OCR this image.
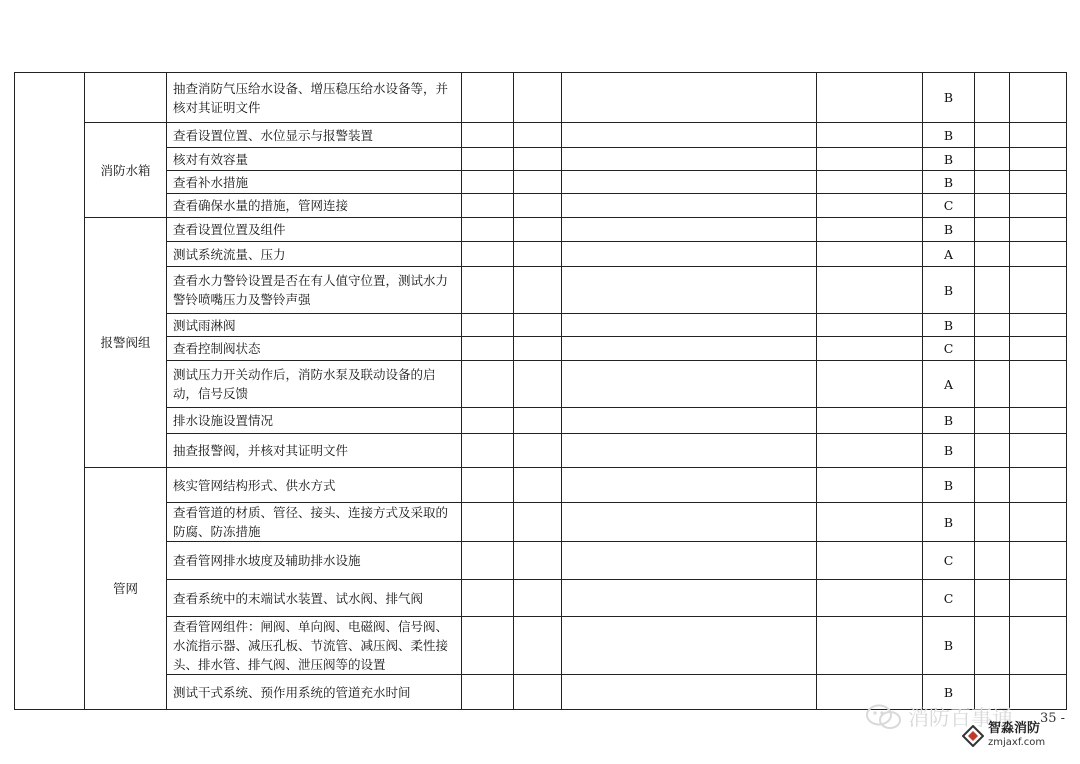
		抽查消防气压给水设备、增压稳压给水设备等，并核对其证明文件					B		
	消防水箱	查看设置位置、水位显示与报警装置					B		
		核对有效容量					B		
		查看补水措施					B		
		查看确保水量的措施，管网连接					C		
	报警阀组	查看设置位置及组件					B		
		测试系统流量、压力					A		
		查看水力警铃设置是否在有人值守位置，测试水力警铃喷嘴压力及警铃声强					B		
		测试雨淋阀					B		
		查看控制阀状态					C		
		测试压力开关动作后，消防水泵及联动设备的启动，信号反馈					A		
		排水设施设置情况					B		
		抽查报警阀，并核对其证明文件					B		
	管网	核实管网结构形式、供水方式					B		
		查看管道的材质、管径、接头、连接方式及采取的防腐、防冻措施					B		
		查看管网排水坡度及辅助排水设施					C		
		查看系统中的末端试水装置、试水阀、排气阀					C		
		查看管网组件：闸阀、单向阀、电磁阀、信号阀、水流指示器、减压孔板、节流管、减压阀、柔性接头、排水管、排气阀、泄压阀等的设置					B		
		测试干式系统、预作用系统的管道充水时间					B		
消防百事通 35 -
智淼消防
zmjaxf.com
